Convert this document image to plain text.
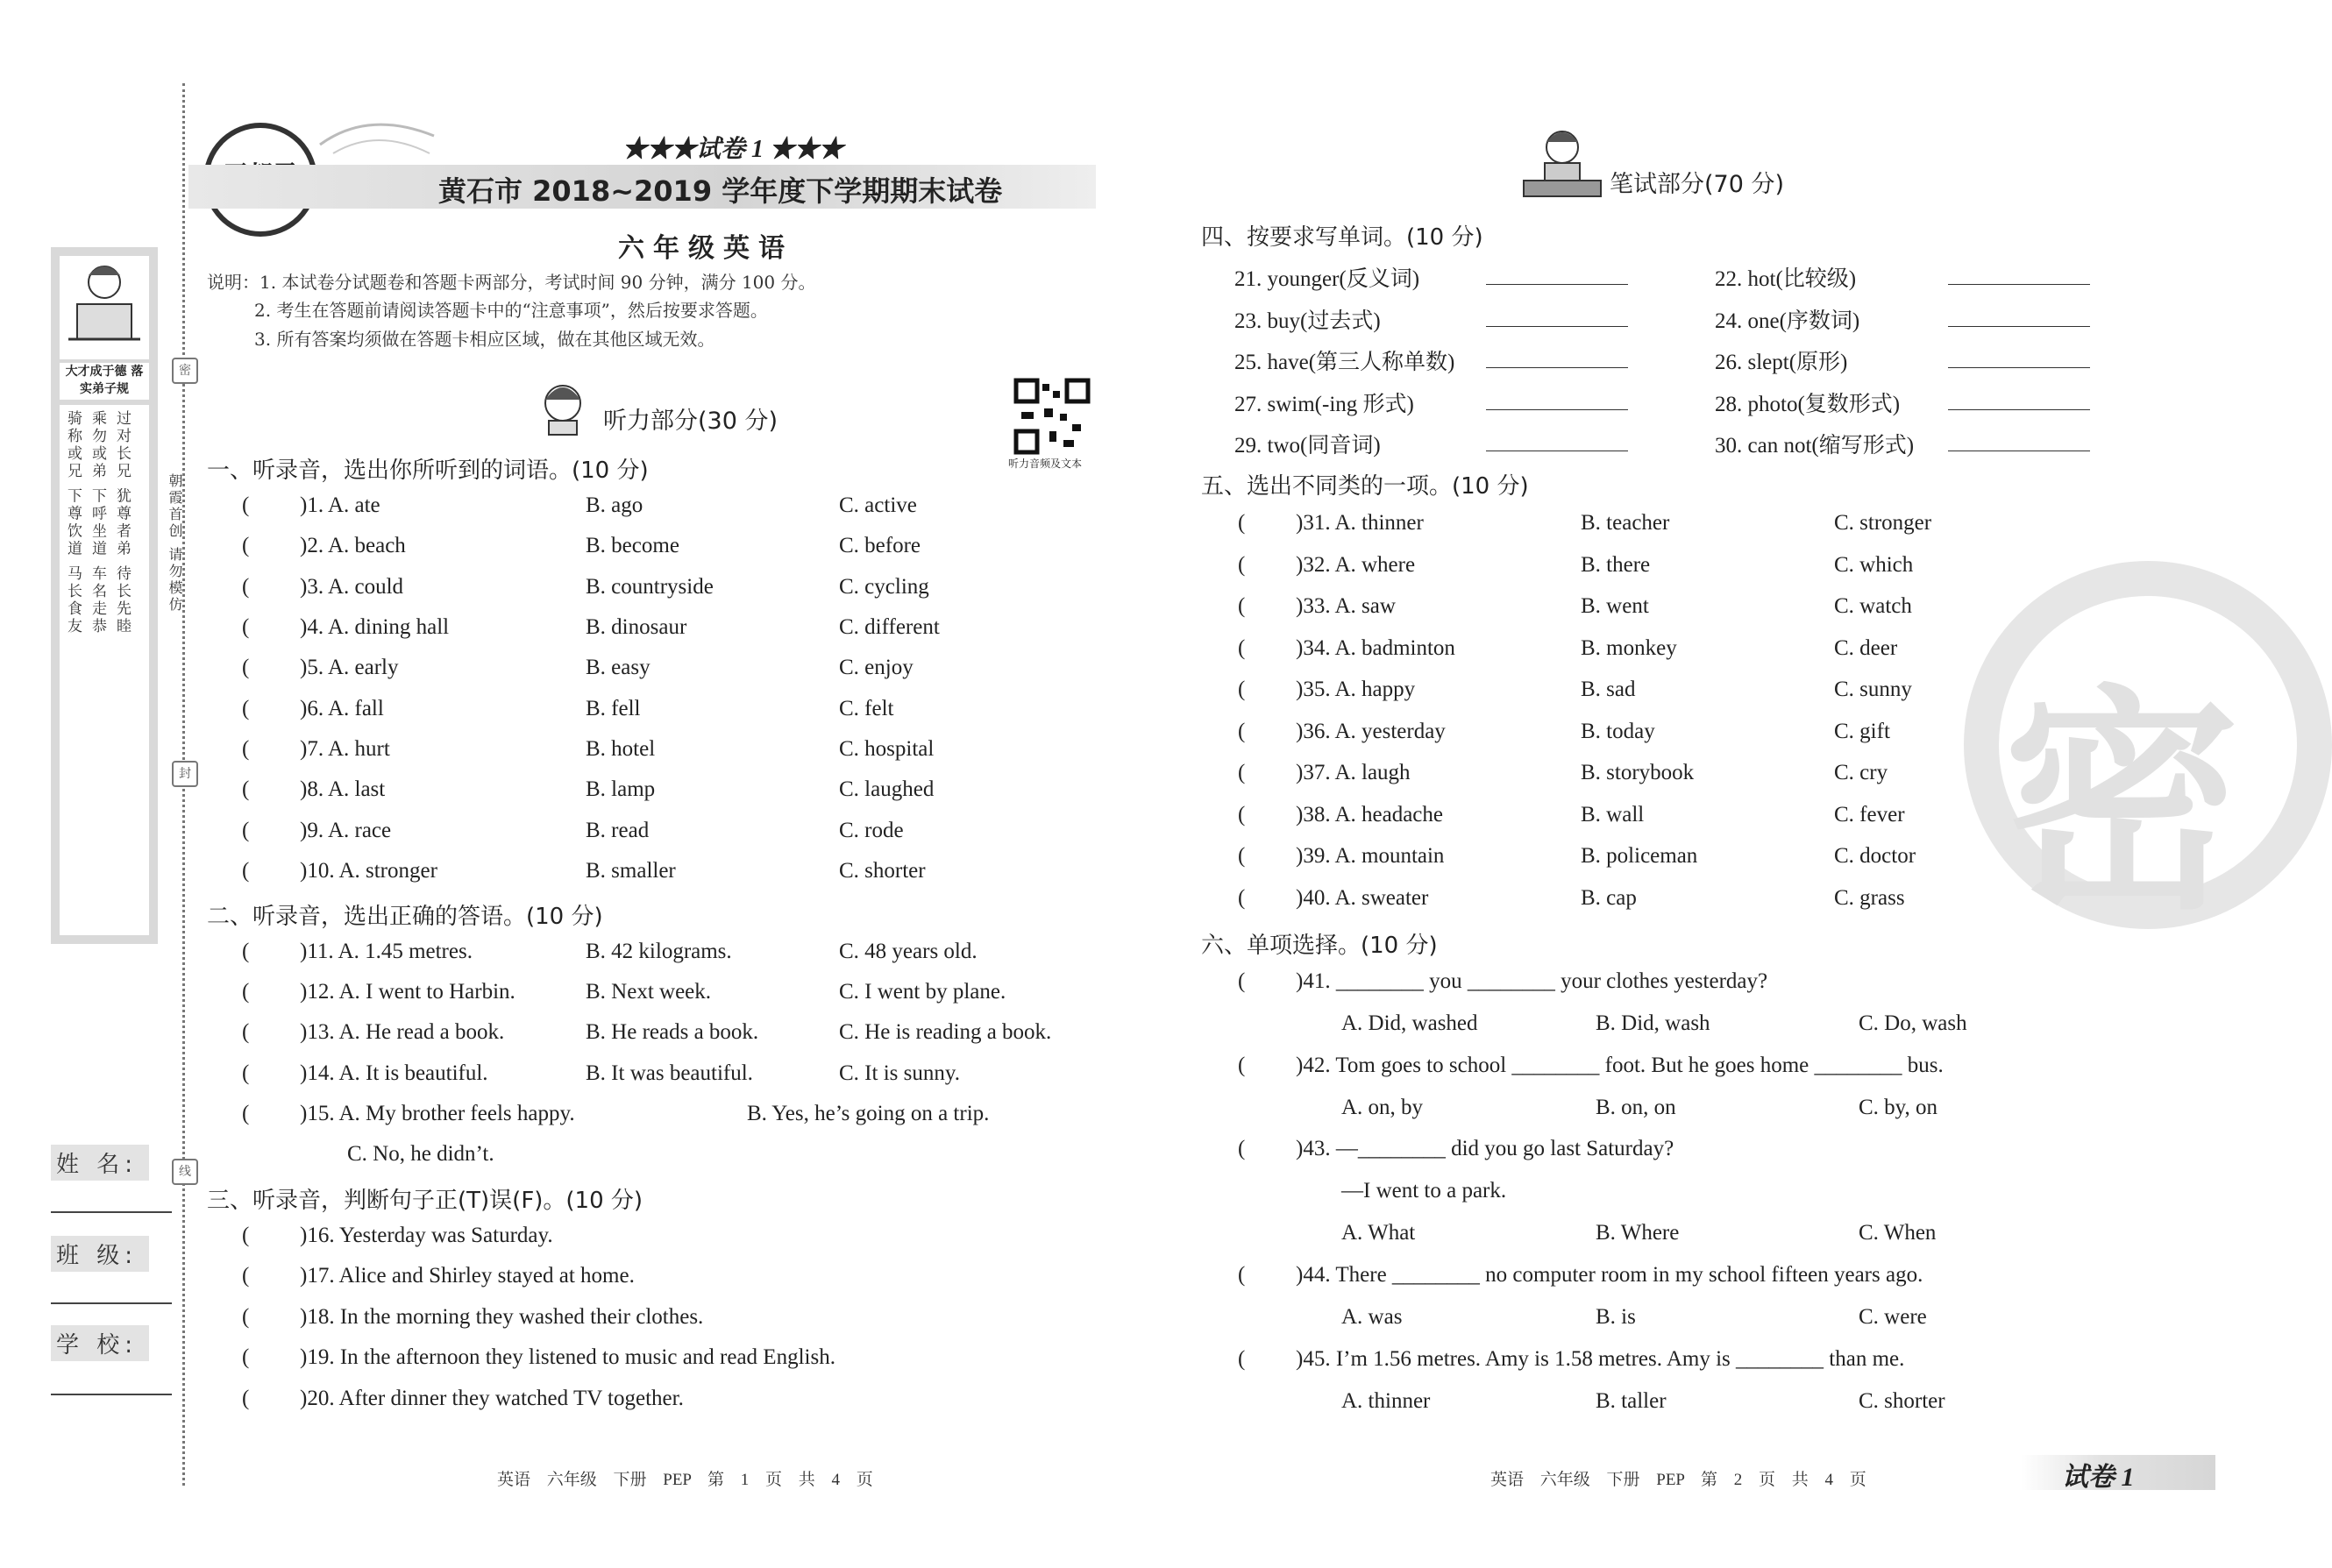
大才成于德 落实弟子规
骑称或兄 下尊饮道 马长食友 乘勿或弟 下呼坐道 车名走恭 过对长兄 犹尊者弟 待长先睦	朝霞首创 请勿模仿
密
封
线
姓 名:
班 级:
学 校:
★★★试卷 1 ★★★
黄石市 2018~2019 学年度下学期期末试卷
六年级英语
说明：1. 本试卷分试题卷和答题卡两部分，考试时间 90 分钟，满分 100 分。
2. 考生在答题前请阅读答题卡中的“注意事项”，然后按要求答题。
3. 所有答案均须做在答题卡相应区域，做在其他区域无效。
听力部分(30 分)
听力音频及文本
一、听录音，选出你所听到的词语。(10 分)
( )1. A. ate	B. ago	C. active
( )2. A. beach	B. become	C. before
( )3. A. could	B. countryside	C. cycling
( )4. A. dining hall	B. dinosaur	C. different
( )5. A. early	B. easy	C. enjoy
( )6. A. fall	B. fell	C. felt
( )7. A. hurt	B. hotel	C. hospital
( )8. A. last	B. lamp	C. laughed
( )9. A. race	B. read	C. rode
( )10. A. stronger	B. smaller	C. shorter
二、听录音，选出正确的答语。(10 分)
( )11. A. 1.45 metres.	B. 42 kilograms.	C. 48 years old.
( )12. A. I went to Harbin.	B. Next week.	C. I went by plane.
( )13. A. He read a book.	B. He reads a book.	C. He is reading a book.
( )14. A. It is beautiful.	B. It was beautiful.	C. It is sunny.
( )15. A. My brother feels happy.	B. Yes, he’s going on a trip.
C. No, he didn’t.
三、听录音，判断句子正(T)误(F)。(10 分)
( )16. Yesterday was Saturday.
( )17. Alice and Shirley stayed at home.
( )18. In the morning they washed their clothes.
( )19. In the afternoon they listened to music and read English.
( )20. After dinner they watched TV together.
英语 六年级 下册 PEP 第 1 页 共 4 页
密
笔试部分(70 分)
四、按要求写单词。(10 分)
21. younger(反义词)	22. hot(比较级)
23. buy(过去式)	24. one(序数词)
25. have(第三人称单数)	26. slept(原形)
27. swim(-ing 形式)	28. photo(复数形式)
29. two(同音词)	30. can not(缩写形式)
五、选出不同类的一项。(10 分)
( )31. A. thinner	B. teacher	C. stronger
( )32. A. where	B. there	C. which
( )33. A. saw	B. went	C. watch
( )34. A. badminton	B. monkey	C. deer
( )35. A. happy	B. sad	C. sunny
( )36. A. yesterday	B. today	C. gift
( )37. A. laugh	B. storybook	C. cry
( )38. A. headache	B. wall	C. fever
( )39. A. mountain	B. policeman	C. doctor
( )40. A. sweater	B. cap	C. grass
六、单项选择。(10 分)
( )41. ________ you ________ your clothes yesterday?
A. Did, washed	B. Did, wash	C. Do, wash
( )42. Tom goes to school ________ foot. But he goes home ________ bus.
A. on, by	B. on, on	C. by, on
( )43. —________ did you go last Saturday?
—I went to a park.
A. What	B. Where	C. When
( )44. There ________ no computer room in my school fifteen years ago.
A. was	B. is	C. were
( )45. I’m 1.56 metres. Amy is 1.58 metres. Amy is ________ than me.
A. thinner	B. taller	C. shorter
英语 六年级 下册 PEP 第 2 页 共 4 页	试卷 1
